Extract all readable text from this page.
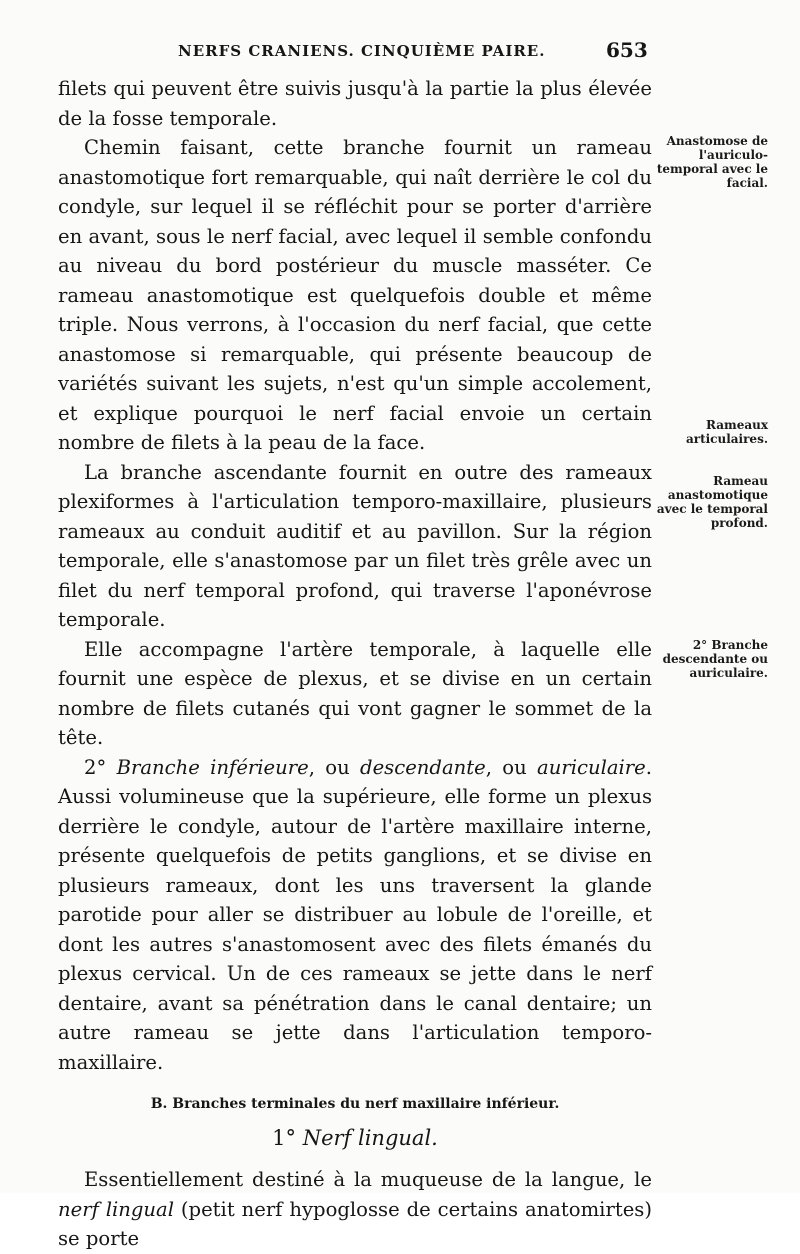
NERFS CRANIENS. CINQUIÈME PAIRE.	653

filets qui peuvent être suivis jusqu'à la partie la plus élevée de la fosse temporale.

Chemin faisant, cette branche fournit un rameau anastomotique fort remarquable, qui naît derrière le col du condyle, sur lequel il se réfléchit pour se porter d'arrière en avant, sous le nerf facial, avec lequel il semble confondu au niveau du bord postérieur du muscle masséter. Ce rameau anastomotique est quelquefois double et même triple. Nous verrons, à l'occasion du nerf facial, que cette anastomose si remarquable, qui présente beaucoup de variétés suivant les sujets, n'est qu'un simple accolement, et explique pourquoi le nerf facial envoie un certain nombre de filets à la peau de la face.

La branche ascendante fournit en outre des rameaux plexiformes à l'articulation temporo-maxillaire, plusieurs rameaux au conduit auditif et au pavillon. Sur la région temporale, elle s'anastomose par un filet très grêle avec un filet du nerf temporal profond, qui traverse l'aponévrose temporale.

Elle accompagne l'artère temporale, à laquelle elle fournit une espèce de plexus, et se divise en un certain nombre de filets cutanés qui vont gagner le sommet de la tête.

2° Branche inférieure, ou descendante, ou auriculaire. Aussi volumineuse que la supérieure, elle forme un plexus derrière le condyle, autour de l'artère maxillaire interne, présente quelquefois de petits ganglions, et se divise en plusieurs rameaux, dont les uns traversent la glande parotide pour aller se distribuer au lobule de l'oreille, et dont les autres s'anastomosent avec des filets émanés du plexus cervical. Un de ces rameaux se jette dans le nerf dentaire, avant sa pénétration dans le canal dentaire; un autre rameau se jette dans l'articulation temporo-maxillaire.

B. Branches terminales du nerf maxillaire inférieur.
1° Nerf lingual.

Essentiellement destiné à la muqueuse de la langue, le nerf lingual (petit nerf hypoglosse de certains anatomirtes) se porte

Anastomose de l'auriculo-temporal avec le facial.
Rameaux articulaires.
Rameau anastomotique avec le temporal profond.
2° Branche descendante ou auriculaire.
